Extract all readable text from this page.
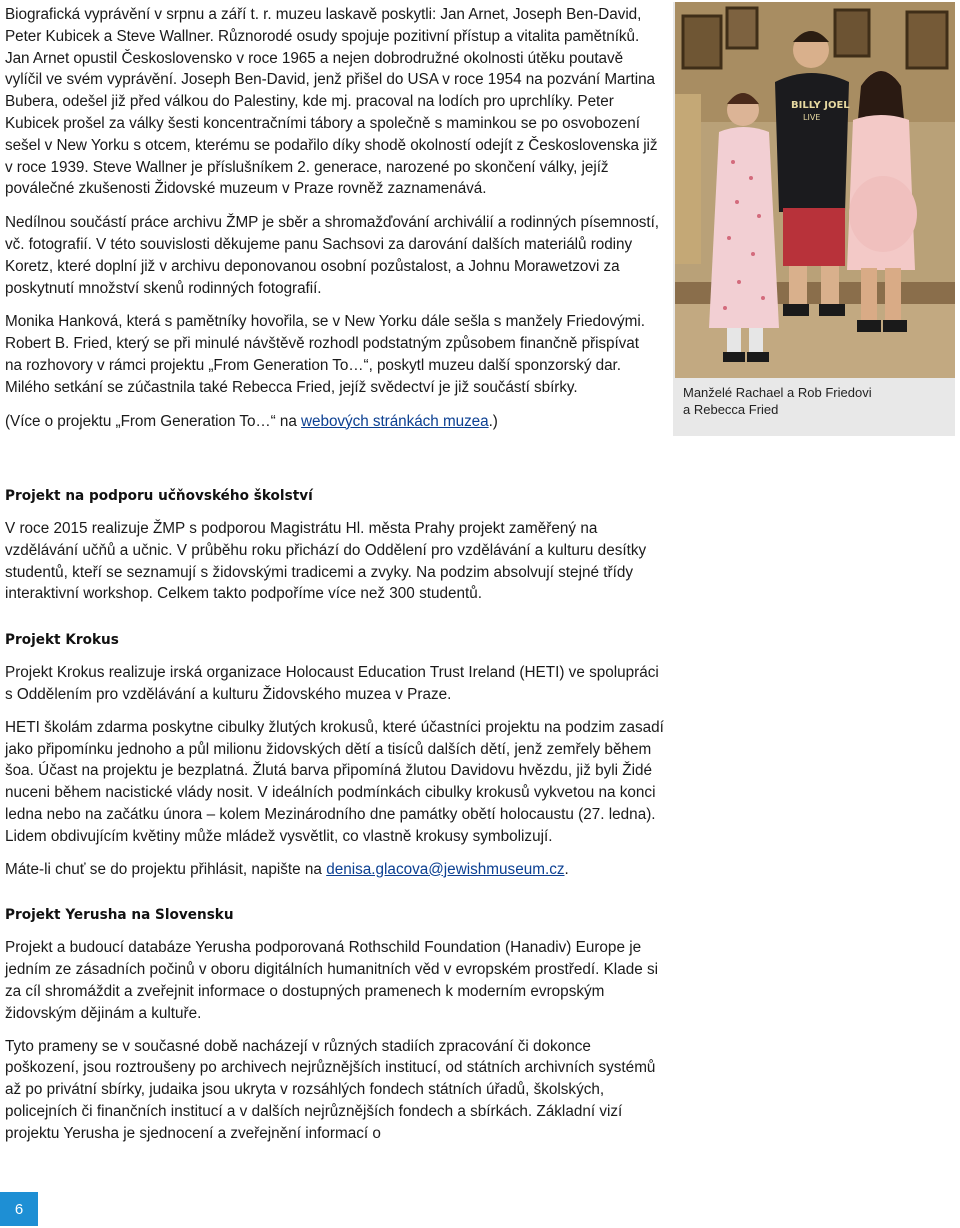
Biografická vyprávění v srpnu a září t. r. muzeu laskavě poskytli: Jan Arnet, Joseph Ben-David, Peter Kubicek a Steve Wallner. Různorodé osudy spojuje pozitivní přístup a vitalita pamětníků. Jan Arnet opustil Československo v roce 1965 a nejen dobrodružné okolnosti útěku poutavě vylíčil ve svém vyprávění. Joseph Ben-David, jenž přišel do USA v roce 1954 na pozvání Martina Bubera, odešel již před válkou do Palestiny, kde mj. pracoval na lodích pro uprchlíky. Peter Kubicek prošel za války šesti koncentračními tábory a společně s maminkou se po osvobození sešel v New Yorku s otcem, kterému se podařilo díky shodě okolností odejít z Československa již v roce 1939. Steve Wallner je příslušníkem 2. generace, narozené po skončení války, jejíž poválečné zkušenosti Židovské muzeum v Praze rovněž zaznamenává.

Nedílnou součástí práce archivu ŽMP je sběr a shromažďování archiválií a rodinných písemností, vč. fotografií. V této souvislosti děkujeme panu Sachsovi za darování dalších materiálů rodiny Koretz, které doplní již v archivu deponovanou osobní pozůstalost, a Johnu Morawetzovi za poskytnutí množství skenů rodinných fotografií.

Monika Hanková, která s pamětníky hovořila, se v New Yorku dále sešla s manžely Friedovými. Robert B. Fried, který se při minulé návštěvě rozhodl podstatným způsobem finančně přispívat na rozhovory v rámci projektu „From Generation To…“, poskytl muzeu další sponzorský dar. Milého setkání se zúčastnila také Rebecca Fried, jejíž svědectví je již součástí sbírky.

(Více o projektu „From Generation To…“ na webových stránkách muzea.)

BILLY JOEL
LIVE
Manželé Rachael a Rob Friedovi
a Rebecca Fried
Projekt na podporu učňovského školství

V roce 2015 realizuje ŽMP s podporou Magistrátu Hl. města Prahy projekt zaměřený na vzdělávání učňů a učnic. V průběhu roku přichází do Oddělení pro vzdělávání a kulturu desítky studentů, kteří se seznamují s židovskými tradicemi a zvyky. Na podzim absolvují stejné třídy interaktivní workshop. Celkem takto podpoříme více než 300 studentů.

Projekt Krokus

Projekt Krokus realizuje irská organizace Holocaust Education Trust Ireland (HETI) ve spolupráci s Oddělením pro vzdělávání a kulturu Židovského muzea v Praze.

HETI školám zdarma poskytne cibulky žlutých krokusů, které účastníci projektu na podzim zasadí jako připomínku jednoho a půl milionu židovských dětí a tisíců dalších dětí, jenž zemřely během šoa. Účast na projektu je bezplatná. Žlutá barva připomíná žlutou Davidovu hvězdu, již byli Židé nuceni během nacistické vlády nosit. V ideálních podmínkách cibulky krokusů vykvetou na konci ledna nebo na začátku února – kolem Mezinárodního dne památky obětí holocaustu (27. ledna). Lidem obdivujícím květiny může mládež vysvětlit, co vlastně krokusy symbolizují.

Máte-li chuť se do projektu přihlásit, napište na denisa.glacova@jewishmuseum.cz.

Projekt Yerusha na Slovensku

Projekt a budoucí databáze Yerusha podporovaná Rothschild Foundation (Hanadiv) Europe je jedním ze zásadních počinů v oboru digitálních humanitních věd v evropském prostředí. Klade si za cíl shromáždit a zveřejnit informace o dostupných pramenech k moderním evropským židovským dějinám a kultuře.

Tyto prameny se v současné době nacházejí v různých stadiích zpracování či dokonce poškození, jsou roztroušeny po archivech nejrůznějších institucí, od státních archivních systémů až po privátní sbírky, judaika jsou ukryta v rozsáhlých fondech státních úřadů, školských, policejních či finančních institucí a v dalších nejrůznějších fondech a sbírkách. Základní vizí projektu Yerusha je sjednocení a zveřejnění informací o

6
